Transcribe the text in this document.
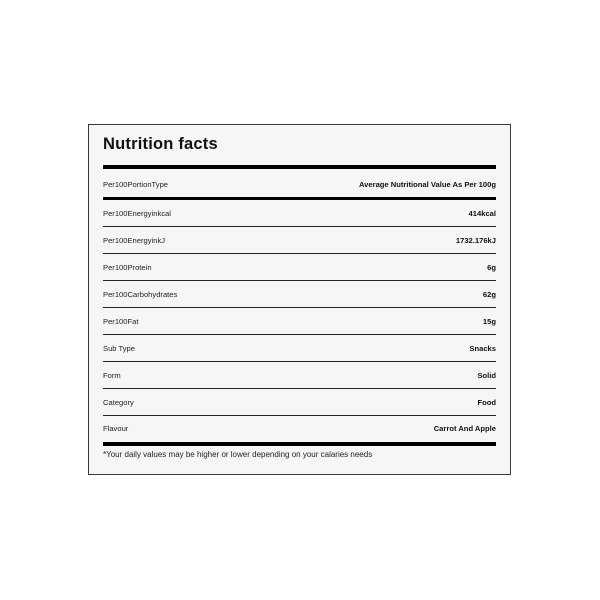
Nutrition facts
Per100PortionType	Average Nutritional Value As Per 100g
Per100Energyinkcal	414kcal
Per100EnergyinkJ	1732.176kJ
Per100Protein	6g
Per100Carbohydrates	62g
Per100Fat	15g
Sub Type	Snacks
Form	Solid
Category	Food
Flavour	Carrot And Apple
*Your daily values may be higher or lower depending on your calaries needs
